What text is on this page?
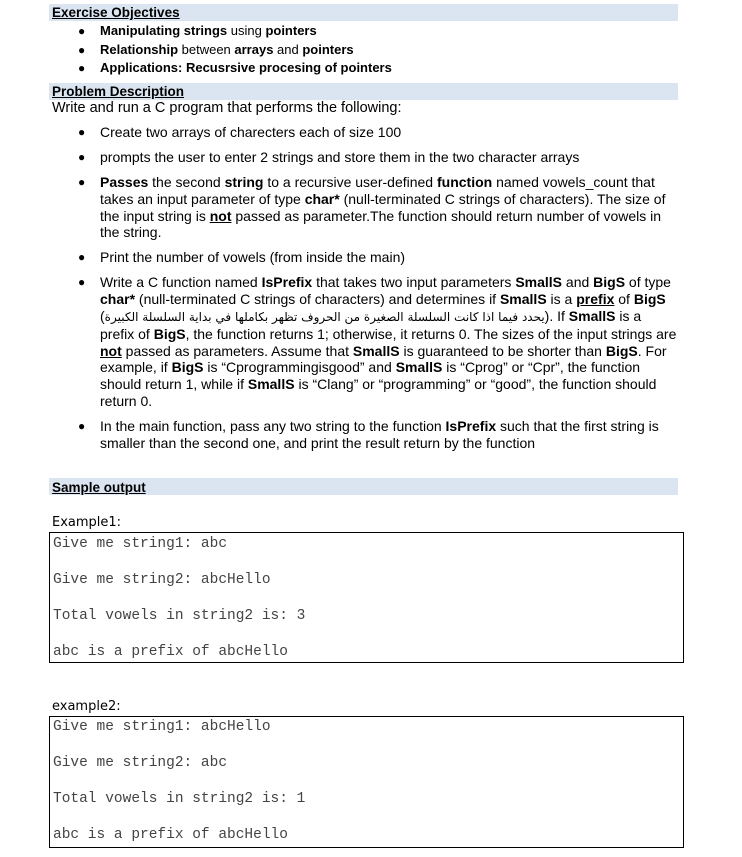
Exercise Objectives
● Manipulating strings using pointers
● Relationship between arrays and pointers
● Applications: Recusrsive procesing of pointers
Problem Description
Write and run a C program that performs the following:
● Create two arrays of charecters each of size 100
● prompts the user to enter 2 strings and store them in the two character arrays
● Passes the second string to a recursive user-defined function named vowels_count that takes an input parameter of type char* (null-terminated C strings of characters). The size of the input string is not passed as parameter.The function should return number of vowels in the string.
● Print the number of vowels (from inside the main)
● Write a C function named IsPrefix that takes two input parameters SmallS and BigS of type char* (null-terminated C strings of characters) and determines if SmallS is a prefix of BigS (يحدد فيما اذا كانت السلسلة الصغيرة من الحروف تظهر بكاملها في بداية السلسلة الكبيرة). If SmallS is a prefix of BigS, the function returns 1; otherwise, it returns 0. The sizes of the input strings are not passed as parameters. Assume that SmallS is guaranteed to be shorter than BigS. For example, if BigS is “Cprogrammingisgood” and SmallS is “Cprog” or “Cpr”, the function should return 1, while if SmallS is “Clang” or “programming” or “good”, the function should return 0.
● In the main function, pass any two string to the function IsPrefix such that the first string is smaller than the second one, and print the result return by the function
Sample output
Example1:
Give me string1: abc
Give me string2: abcHello
Total vowels in string2 is: 3
abc is a prefix of abcHello
example2:
Give me string1: abcHello
Give me string2: abc
Total vowels in string2 is: 1
abc is a prefix of abcHello
